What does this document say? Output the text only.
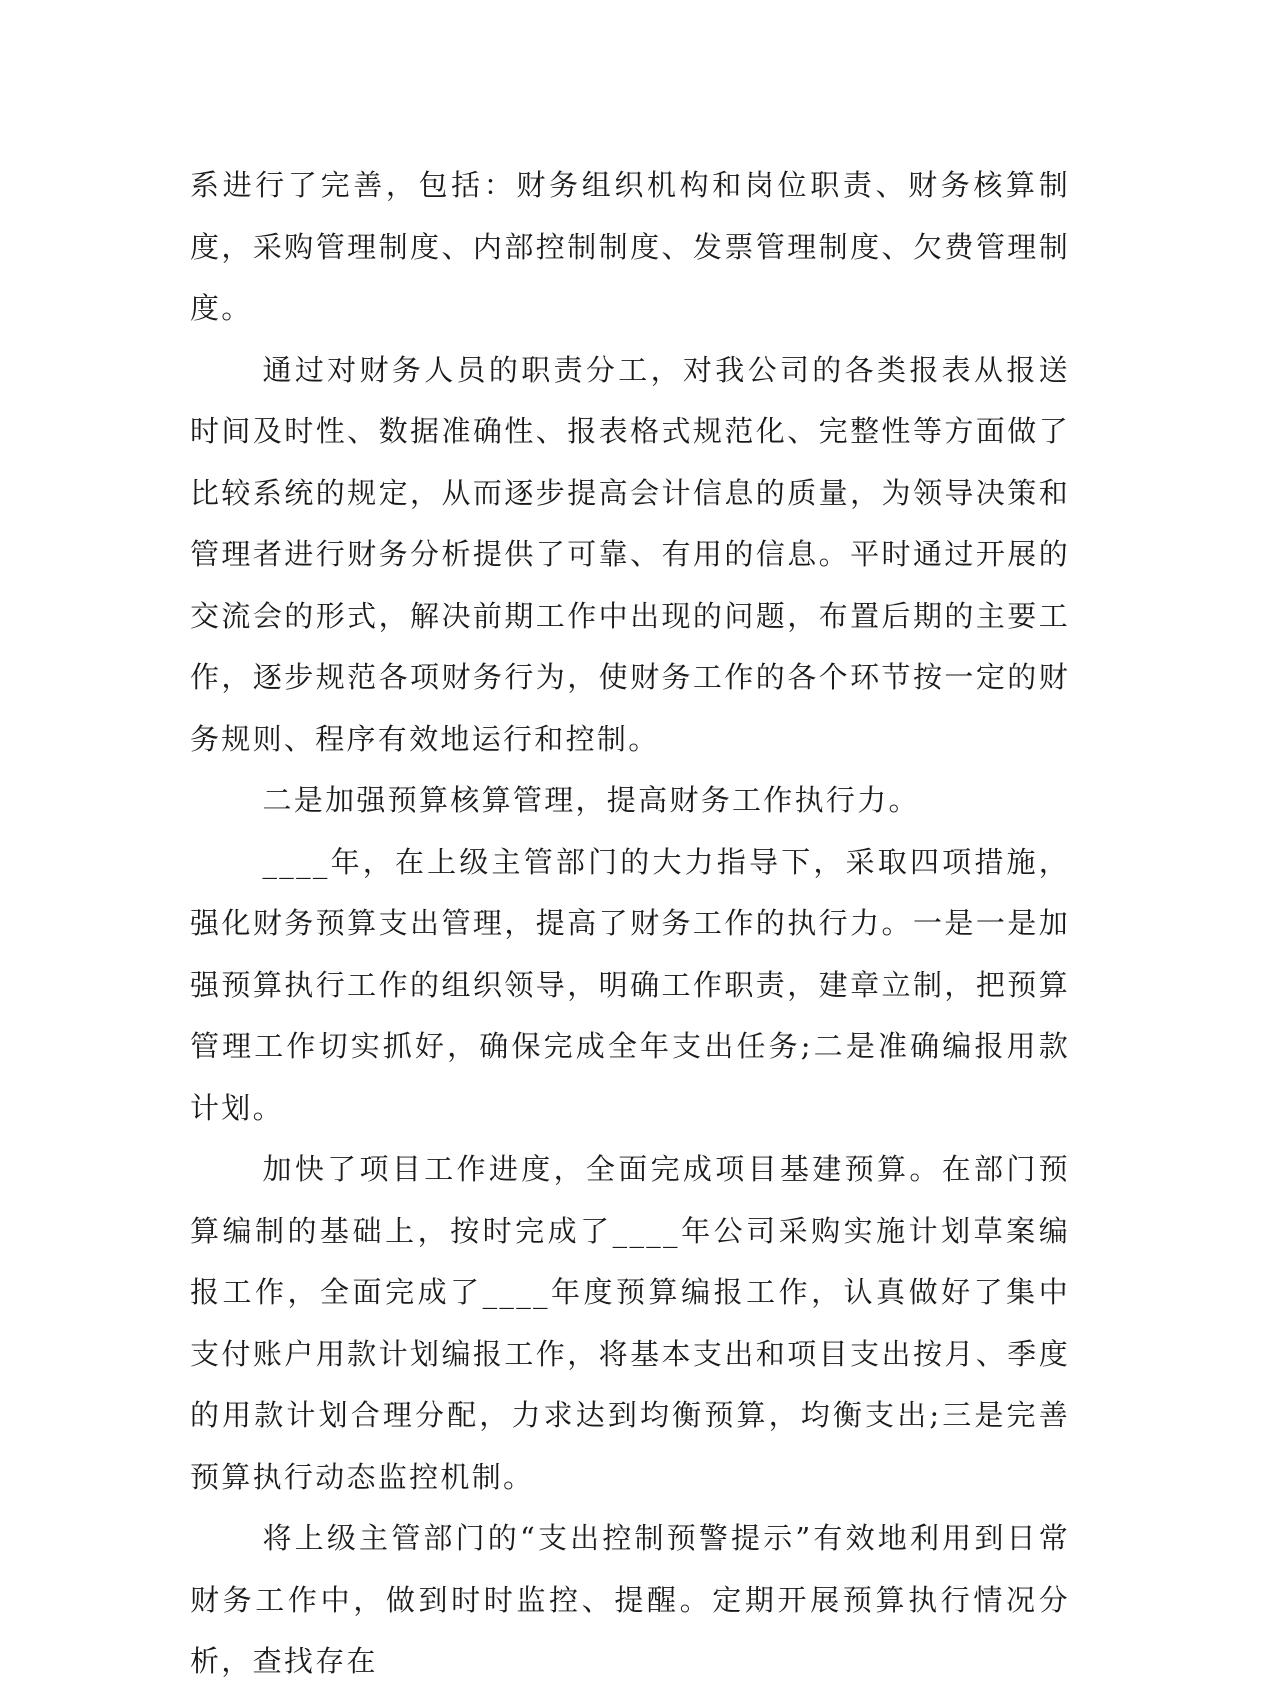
系进行了完善，包括：财务组织机构和岗位职责、财务核算制度，采购管理制度、内部控制制度、发票管理制度、欠费管理制度。

通过对财务人员的职责分工，对我公司的各类报表从报送时间及时性、数据准确性、报表格式规范化、完整性等方面做了比较系统的规定，从而逐步提高会计信息的质量，为领导决策和管理者进行财务分析提供了可靠、有用的信息。平时通过开展的交流会的形式，解决前期工作中出现的问题，布置后期的主要工作，逐步规范各项财务行为，使财务工作的各个环节按一定的财务规则、程序有效地运行和控制。

二是加强预算核算管理，提高财务工作执行力。

____年，在上级主管部门的大力指导下，采取四项措施，强化财务预算支出管理，提高了财务工作的执行力。一是一是加强预算执行工作的组织领导，明确工作职责，建章立制，把预算管理工作切实抓好，确保完成全年支出任务;二是准确编报用款计划。

加快了项目工作进度，全面完成项目基建预算。在部门预算编制的基础上，按时完成了____年公司采购实施计划草案编报工作，全面完成了____年度预算编报工作，认真做好了集中支付账户用款计划编报工作，将基本支出和项目支出按月、季度的用款计划合理分配，力求达到均衡预算，均衡支出;三是完善预算执行动态监控机制。

将上级主管部门的“支出控制预警提示”有效地利用到日常财务工作中，做到时时监控、提醒。定期开展预算执行情况分析，查找存在
